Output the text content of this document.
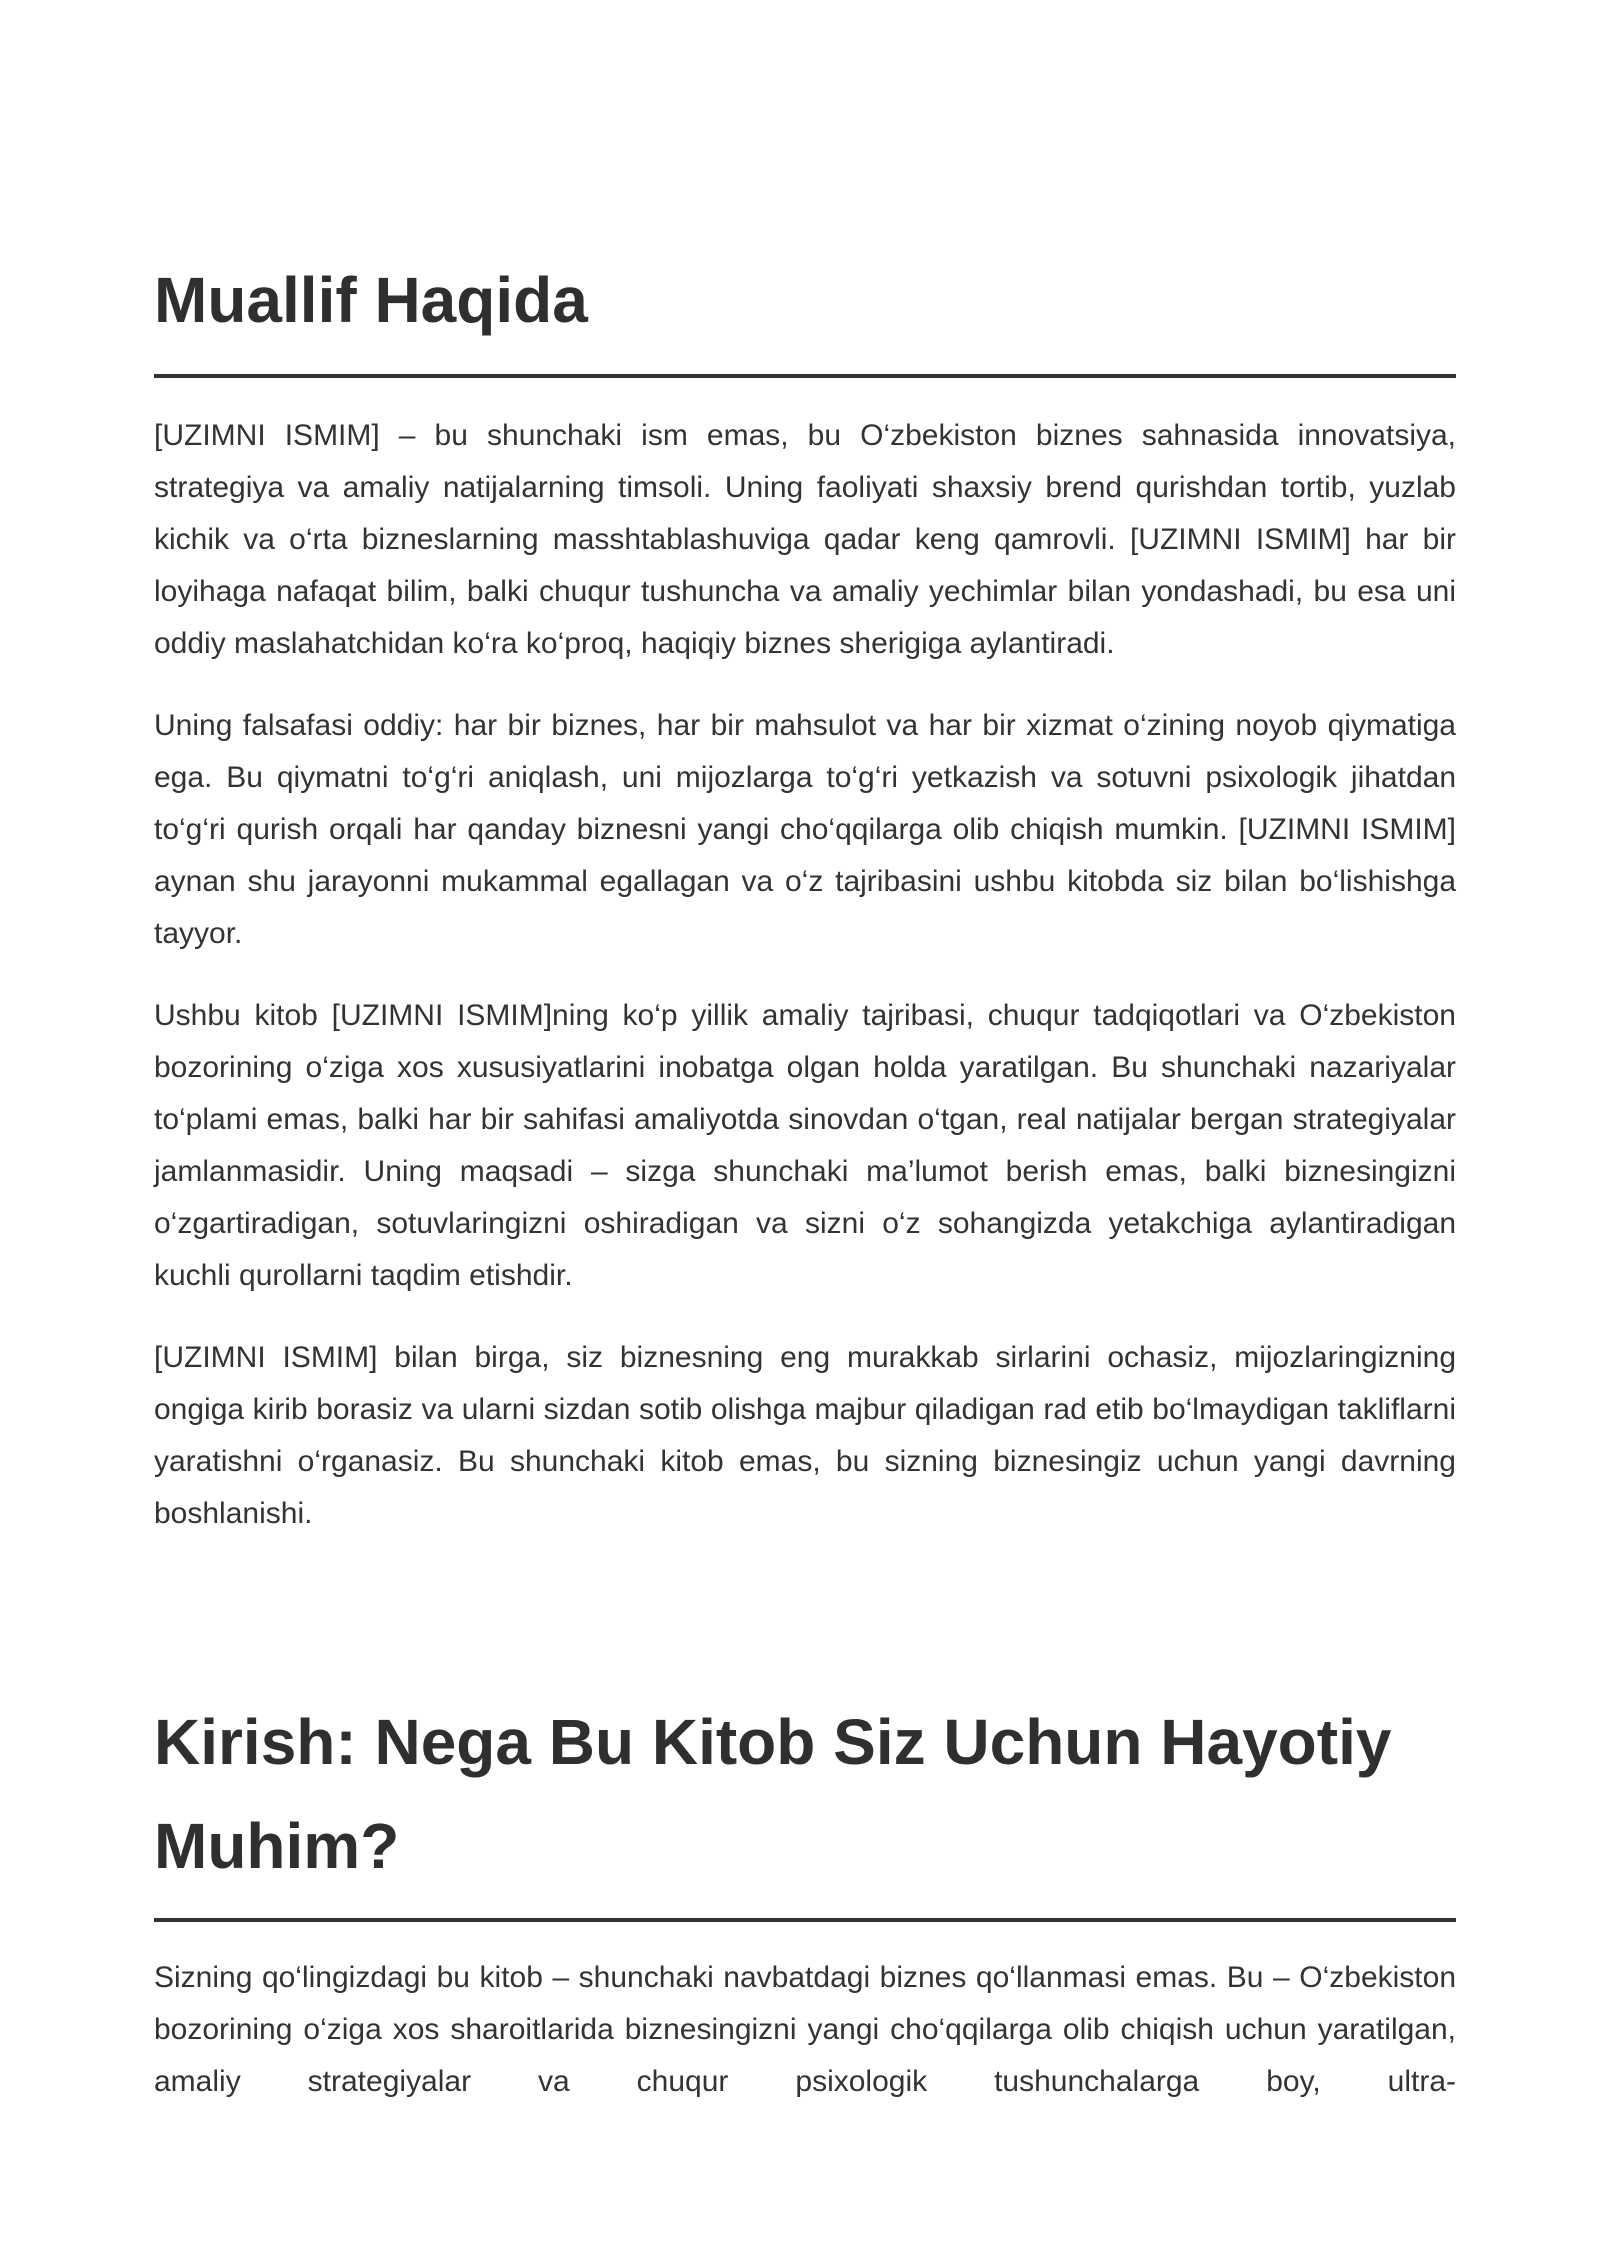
Muallif Haqida

[UZIMNI ISMIM] – bu shunchaki ism emas, bu O‘zbekiston biznes sahnasida innovatsiya, strategiya va amaliy natijalarning timsoli. Uning faoliyati shaxsiy brend qurishdan tortib, yuzlab kichik va o‘rta bizneslarning masshtablashuviga qadar keng qamrovli. [UZIMNI ISMIM] har bir loyihaga nafaqat bilim, balki chuqur tushuncha va amaliy yechimlar bilan yondashadi, bu esa uni oddiy maslahatchidan ko‘ra ko‘proq, haqiqiy biznes sherigiga aylantiradi.

Uning falsafasi oddiy: har bir biznes, har bir mahsulot va har bir xizmat o‘zining noyob qiymatiga ega. Bu qiymatni to‘g‘ri aniqlash, uni mijozlarga to‘g‘ri yetkazish va sotuvni psixologik jihatdan to‘g‘ri qurish orqali har qanday biznesni yangi cho‘qqilarga olib chiqish mumkin. [UZIMNI ISMIM] aynan shu jarayonni mukammal egallagan va o‘z tajribasini ushbu kitobda siz bilan bo‘lishishga tayyor.

Ushbu kitob [UZIMNI ISMIM]ning ko‘p yillik amaliy tajribasi, chuqur tadqiqotlari va O‘zbekiston bozorining o‘ziga xos xususiyatlarini inobatga olgan holda yaratilgan. Bu shunchaki nazariyalar to‘plami emas, balki har bir sahifasi amaliyotda sinovdan o‘tgan, real natijalar bergan strategiyalar jamlanmasidir. Uning maqsadi – sizga shunchaki ma’lumot berish emas, balki biznesingizni o‘zgartiradigan, sotuvlaringizni oshiradigan va sizni o‘z sohangizda yetakchiga aylantiradigan kuchli qurollarni taqdim etishdir.

[UZIMNI ISMIM] bilan birga, siz biznesning eng murakkab sirlarini ochasiz, mijozlaringizning ongiga kirib borasiz va ularni sizdan sotib olishga majbur qiladigan rad etib bo‘lmaydigan takliflarni yaratishni o‘rganasiz. Bu shunchaki kitob emas, bu sizning biznesingiz uchun yangi davrning boshlanishi.

Kirish: Nega Bu Kitob Siz Uchun Hayotiy Muhim?

Sizning qo‘lingizdagi bu kitob – shunchaki navbatdagi biznes qo‘llanmasi emas. Bu – O‘zbekiston bozorining o‘ziga xos sharoitlarida biznesingizni yangi cho‘qqilarga olib chiqish uchun yaratilgan, amaliy strategiyalar va chuqur psixologik tushunchalarga boy, ultra-
